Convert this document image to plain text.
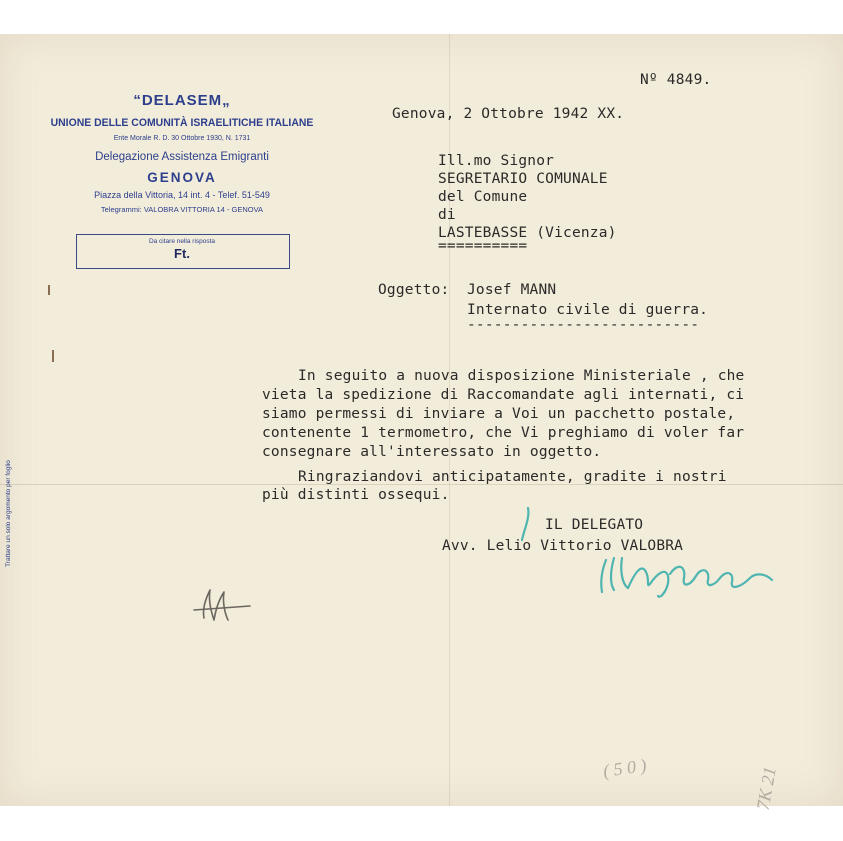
“DELASEM„
UNIONE DELLE COMUNITÀ ISRAELITICHE ITALIANE
Ente Morale R. D. 30 Ottobre 1930, N. 1731
Delegazione Assistenza Emigranti
GENOVA
Piazza della Vittoria, 14 int. 4 - Telef. 51-549
Telegrammi: VALOBRA VITTORIA 14 - GENOVA
Da citare nella risposta
Ft.
Trattare un solo argomento per foglio
Nº 4849.
Genova, 2 Ottobre 1942 XX.
Ill.mo Signor
SEGRETARIO COMUNALE
del Comune
di
LASTEBASSE (Vicenza)
==========
Oggetto: Josef MANN
Internato civile di guerra.
--------------------------
In seguito a nuova disposizione Ministeriale , che
vieta la spedizione di Raccomandate agli internati, ci
siamo permessi di inviare a Voi un pacchetto postale,
contenente 1 termometro, che Vi preghiamo di voler far
consegnare all'interessato in oggetto.
Ringraziandovi anticipatamente, gradite i nostri
più distinti ossequi.
IL DELEGATO
Avv. Lelio Vittorio VALOBRA
( 5 0 )	7K 21
